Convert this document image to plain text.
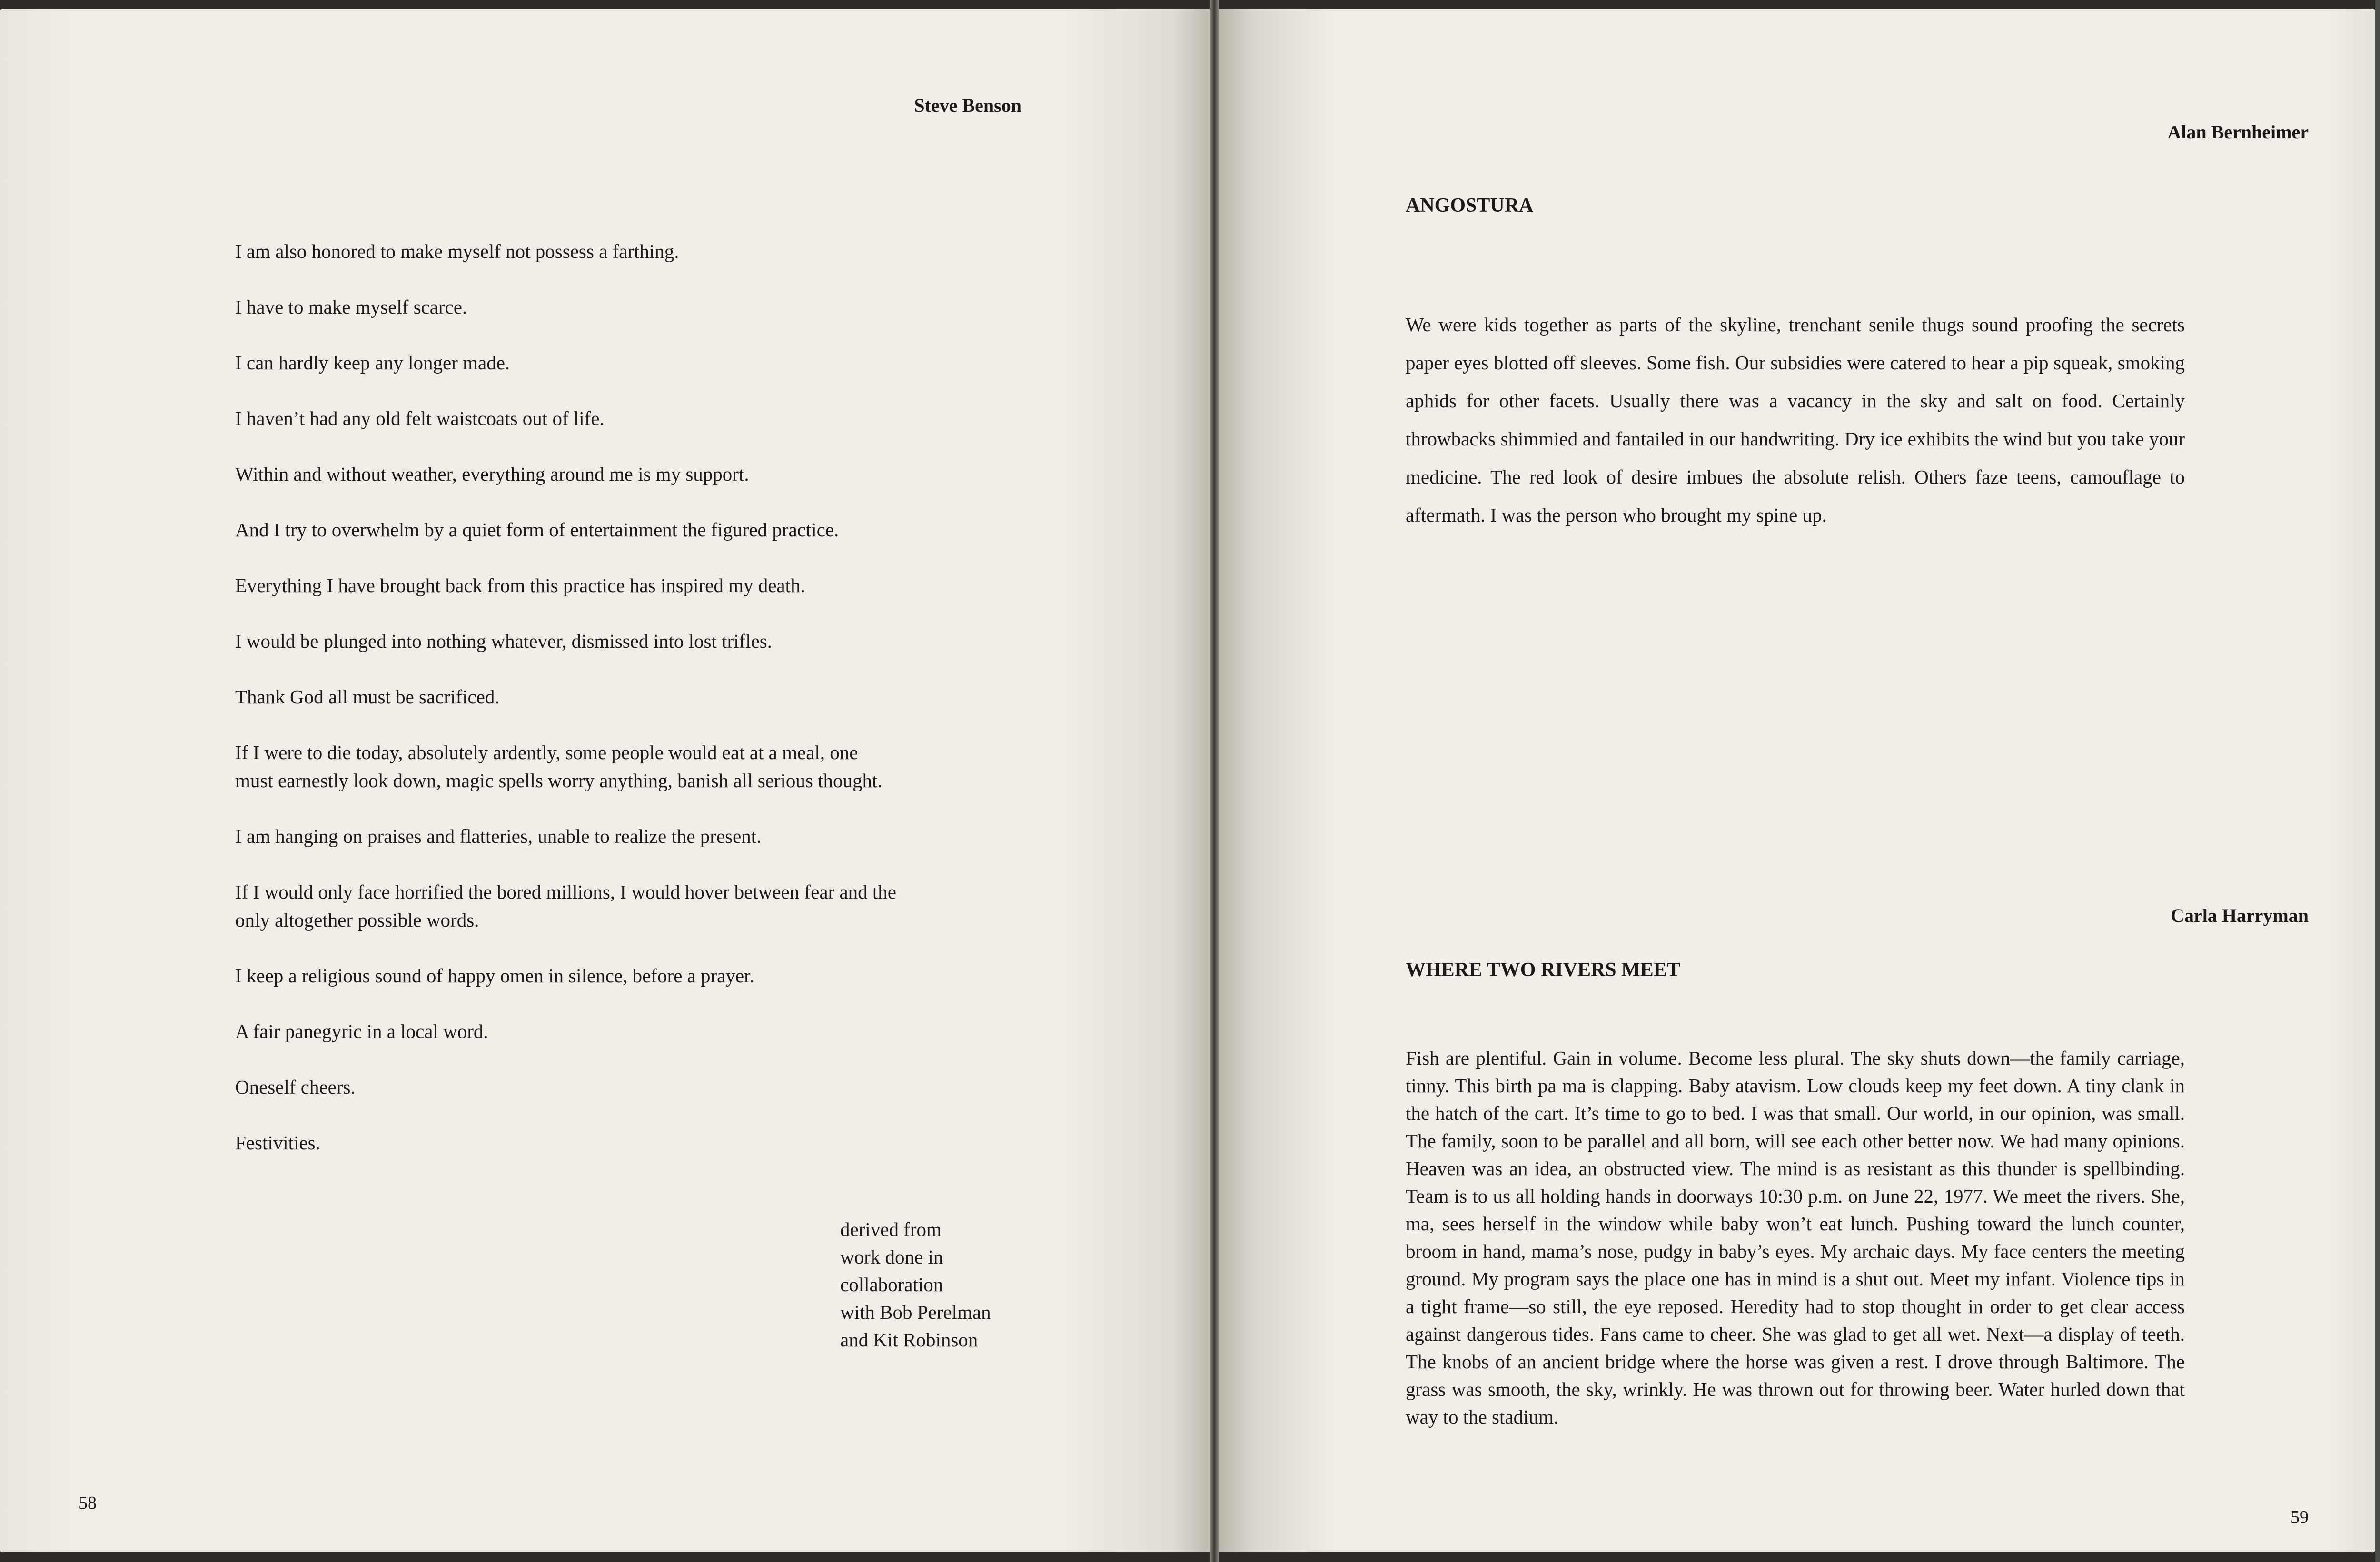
Steve Benson
I am also honored to make myself not possess a farthing.
I have to make myself scarce.
I can hardly keep any longer made.
I haven’t had any old felt waistcoats out of life.
Within and without weather, everything around me is my support.
And I try to overwhelm by a quiet form of entertainment the figured practice.
Everything I have brought back from this practice has inspired my death.
I would be plunged into nothing whatever, dismissed into lost trifles.
Thank God all must be sacrificed.
If I were to die today, absolutely ardently, some people would eat at a meal, one
must earnestly look down, magic spells worry anything, banish all serious thought.
I am hanging on praises and flatteries, unable to realize the present.
If I would only face horrified the bored millions, I would hover between fear and the
only altogether possible words.
I keep a religious sound of happy omen in silence, before a prayer.
A fair panegyric in a local word.
Oneself cheers.
Festivities.
derived from
work done in
collaboration
with Bob Perelman
and Kit Robinson
58
Alan Bernheimer
ANGOSTURA

We were kids together as parts of the skyline, trenchant senile thugs sound proofing the secrets paper eyes blotted off sleeves. Some fish. Our subsidies were catered to hear a pip squeak, smoking aphids for other facets. Usually there was a vacancy in the sky and salt on food. Certainly throwbacks shimmied and fantailed in our handwriting. Dry ice exhibits the wind but you take your medicine. The red look of desire imbues the absolute relish. Others faze teens, camouflage to aftermath. I was the person who brought my spine up.

Carla Harryman
WHERE TWO RIVERS MEET

Fish are plentiful. Gain in volume. Become less plural. The sky shuts down—the family carriage, tinny. This birth pa ma is clapping. Baby atavism. Low clouds keep my feet down. A tiny clank in the hatch of the cart. It’s time to go to bed. I was that small. Our world, in our opinion, was small. The family, soon to be parallel and all born, will see each other better now. We had many opinions. Heaven was an idea, an obstructed view. The mind is as resistant as this thunder is spellbinding. Team is to us all holding hands in doorways 10:30 p.m. on June 22, 1977. We meet the rivers. She, ma, sees herself in the window while baby won’t eat lunch. Pushing toward the lunch counter, broom in hand, mama’s nose, pudgy in baby’s eyes. My archaic days. My face centers the meeting ground. My program says the place one has in mind is a shut out. Meet my infant. Violence tips in a tight frame—so still, the eye reposed. Heredity had to stop thought in order to get clear access against dangerous tides. Fans came to cheer. She was glad to get all wet. Next—a display of teeth. The knobs of an ancient bridge where the horse was given a rest. I drove through Baltimore. The grass was smooth, the sky, wrinkly. He was thrown out for throwing beer. Water hurled down that way to the stadium.

59
